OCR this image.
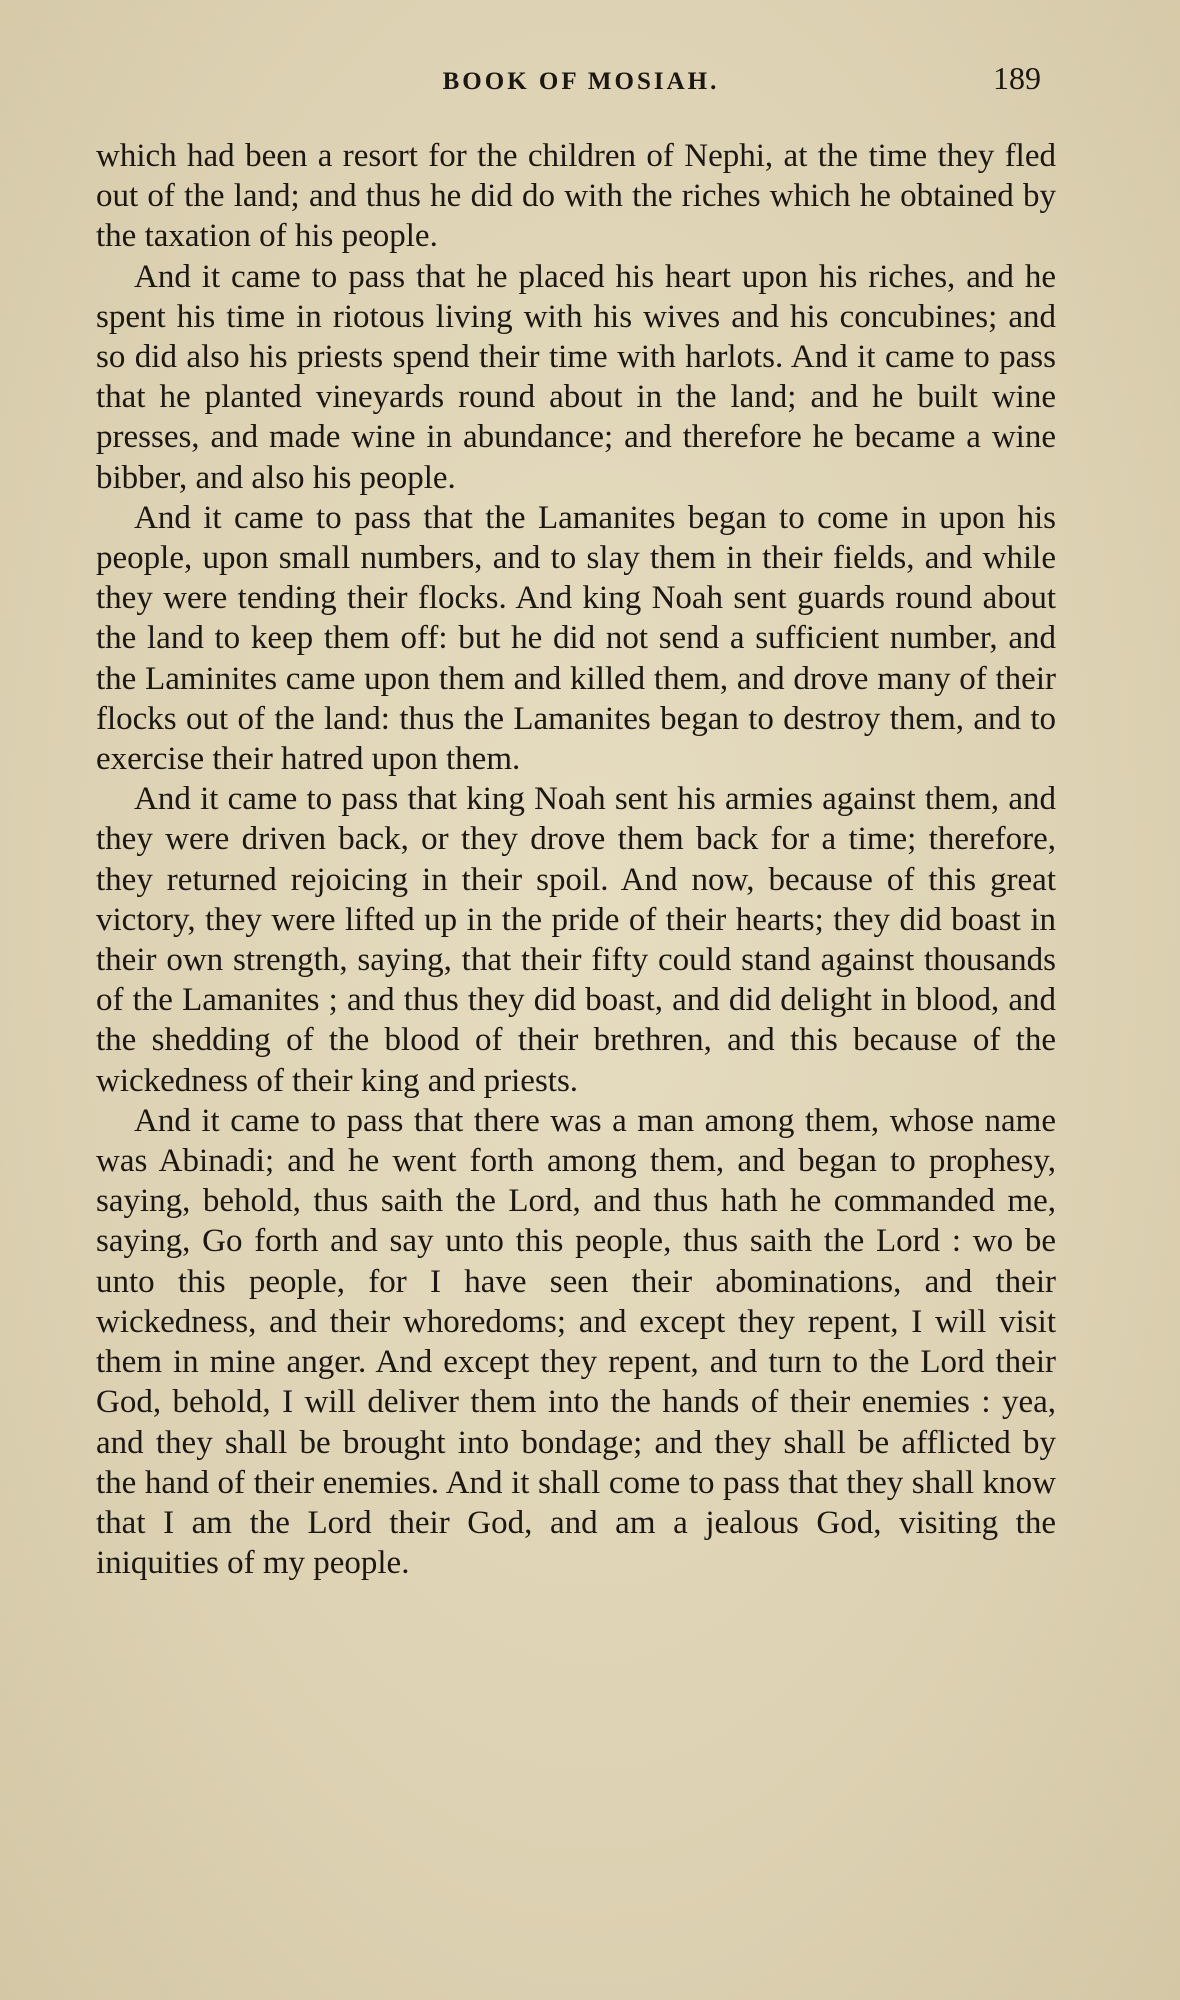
BOOK OF MOSIAH.	189

which had been a resort for the children of Nephi, at the time they fled out of the land; and thus he did do with the riches which he obtained by the taxation of his people.

And it came to pass that he placed his heart upon his riches, and he spent his time in riotous living with his wives and his concubines; and so did also his priests spend their time with harlots. And it came to pass that he planted vineyards round about in the land; and he built wine presses, and made wine in abundance; and therefore he became a wine bibber, and also his people.

And it came to pass that the Lamanites began to come in upon his people, upon small numbers, and to slay them in their fields, and while they were tending their flocks. And king Noah sent guards round about the land to keep them off: but he did not send a sufficient number, and the Laminites came upon them and killed them, and drove many of their flocks out of the land: thus the Lamanites began to destroy them, and to exercise their hatred upon them.

And it came to pass that king Noah sent his armies against them, and they were driven back, or they drove them back for a time; therefore, they returned rejoicing in their spoil. And now, because of this great victory, they were lifted up in the pride of their hearts; they did boast in their own strength, saying, that their fifty could stand against thousands of the Lamanites ; and thus they did boast, and did delight in blood, and the shedding of the blood of their brethren, and this because of the wickedness of their king and priests.

And it came to pass that there was a man among them, whose name was Abinadi; and he went forth among them, and began to prophesy, saying, behold, thus saith the Lord, and thus hath he commanded me, saying, Go forth and say unto this people, thus saith the Lord : wo be unto this people, for I have seen their abominations, and their wickedness, and their whoredoms; and except they repent, I will visit them in mine anger. And except they repent, and turn to the Lord their God, behold, I will deliver them into the hands of their enemies : yea, and they shall be brought into bondage; and they shall be afflicted by the hand of their enemies. And it shall come to pass that they shall know that I am the Lord their God, and am a jealous God, visiting the iniquities of my people.
